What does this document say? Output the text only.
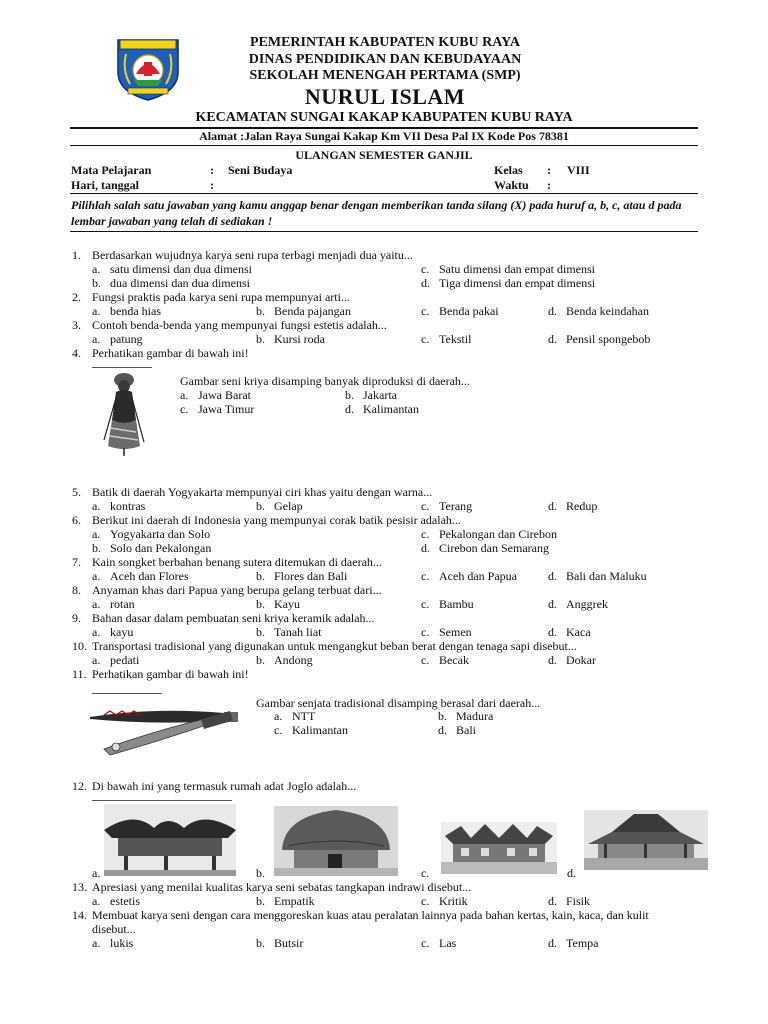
PEMERINTAH KABUPATEN KUBU RAYA
DINAS PENDIDIKAN DAN KEBUDAYAAN
SEKOLAH MENENGAH PERTAMA (SMP)
NURUL ISLAM
KECAMATAN SUNGAI KAKAP KABUPATEN KUBU RAYA
Alamat :Jalan Raya Sungai Kakap Km VII Desa Pal IX Kode Pos 78381
ULANGAN SEMESTER GANJIL
Mata Pelajaran	: Seni Budaya
Hari, tanggal	:
Kelas : VIII
Waktu :
Pilihlah salah satu jawaban yang kamu anggap benar dengan memberikan tanda silang (X) pada huruf a, b, c, atau d pada lembar jawaban yang telah di sediakan !
1. Berdasarkan wujudnya karya seni rupa terbagi menjadi dua yaitu...
a. satu dimensi dan dua dimensi	c. Satu dimensi dan empat dimensi
b. dua dimensi dan dua dimensi	d. Tiga dimensi dan empat dimensi
2. Fungsi praktis pada karya seni rupa mempunyai arti...
a. benda hias	b. Benda pajangan	c. Benda pakai	d. Benda keindahan
3. Contoh benda-benda yang mempunyai fungsi estetis adalah...
a. patung	b. Kursi roda	c. Tekstil	d. Pensil spongebob
4. Perhatikan gambar di bawah ini!
Gambar seni kriya disamping banyak diproduksi di daerah...
a. Jawa Barat	b. Jakarta
c. Jawa Timur	d. Kalimantan
5. Batik di daerah Yogyakarta mempunyai ciri khas yaitu dengan warna...
a. kontras	b. Gelap	c. Terang	d. Redup
6. Berikut ini daerah di Indonesia yang mempunyai corak batik pesisir adalah...
a. Yogyakarta dan Solo	c. Pekalongan dan Cirebon
b. Solo dan Pekalongan	d. Cirebon dan Semarang
7. Kain songket berbahan benang sutera ditemukan di daerah...
a. Aceh dan Flores	b. Flores dan Bali	c. Aceh dan Papua	d. Bali dan Maluku
8. Anyaman khas dari Papua yang berupa gelang terbuat dari...
a. rotan	b. Kayu	c. Bambu	d. Anggrek
9. Bahan dasar dalam pembuatan seni kriya keramik adalah...
a. kayu	b. Tanah liat	c. Semen	d. Kaca
10. Transportasi tradisional yang digunakan untuk mengangkut beban berat dengan tenaga sapi disebut...
a. pedati	b. Andong	c. Becak	d. Dokar
11. Perhatikan gambar di bawah ini!
Gambar senjata tradisional disamping berasal dari daerah...
a. NTT	b. Madura
c. Kalimantan	d. Bali
12. Di bawah ini yang termasuk rumah adat Joglo adalah...
13. Apresiasi yang menilai kualitas karya seni sebatas tangkapan indrawi disebut...
a. estetis	b. Empatik	c. Kritik	d. Fisik
14. Membuat karya seni dengan cara menggoreskan kuas atau peralatan lainnya pada bahan kertas, kain, kaca, dan kulit
disebut...
a. lukis	b. Butsir	c. Las	d. Tempa
a.	b.	c.	d.
